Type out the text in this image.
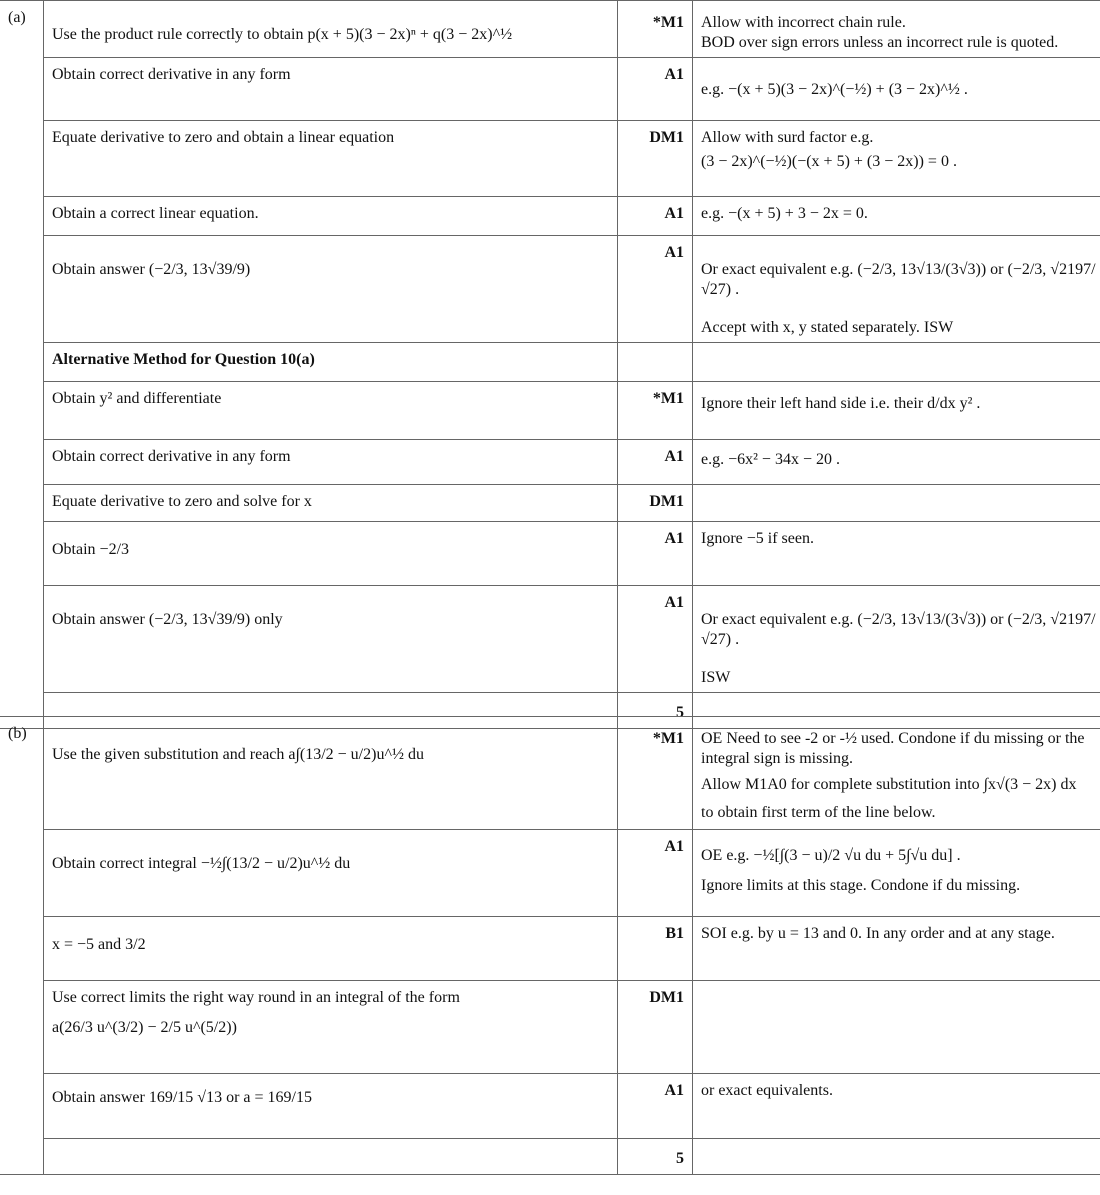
(a)	Use the product rule correctly to obtain p(x + 5)(3 − 2x)ⁿ + q(3 − 2x)^½	*M1	Allow with incorrect chain rule.
BOD over sign errors unless an incorrect rule is quoted.

	Obtain correct derivative in any form	A1	e.g. −(x + 5)(3 − 2x)^(−½) + (3 − 2x)^½ .
	Equate derivative to zero and obtain a linear equation	DM1	Allow with surd factor e.g.
(3 − 2x)^(−½)(−(x + 5) + (3 − 2x)) = 0 .

	Obtain a correct linear equation.	A1	e.g. −(x + 5) + 3 − 2x = 0.
	Obtain answer (−2/3, 13√39/9)	A1	Or exact equivalent e.g. (−2/3, 13√13/(3√3)) or (−2/3, √2197/√27) .
Accept with x, y stated separately. ISW

	Alternative Method for Question 10(a)		
	Obtain y² and differentiate	*M1	Ignore their left hand side i.e. their d/dx y² .
	Obtain correct derivative in any form	A1	e.g. −6x² − 34x − 20 .
	Equate derivative to zero and solve for x	DM1	
	Obtain −2/3	A1	Ignore −5 if seen.
	Obtain answer (−2/3, 13√39/9) only	A1	Or exact equivalent e.g. (−2/3, 13√13/(3√3)) or (−2/3, √2197/√27) .
ISW

		5	
(b)	Use the given substitution and reach a∫(13/2 − u/2)u^½ du	*M1	OE Need to see -2 or -½ used. Condone if du missing or the integral sign is missing.
Allow M1A0 for complete substitution into ∫x√(3 − 2x) dx
to obtain first term of the line below.

	Obtain correct integral −½∫(13/2 − u/2)u^½ du	A1	OE e.g. −½[∫(3 − u)/2 √u du + 5∫√u du] .
Ignore limits at this stage. Condone if du missing.

	x = −5 and 3/2	B1	SOI e.g. by u = 13 and 0. In any order and at any stage.

	Use correct limits the right way round in an integral of the form
a(26/3 u^(3/2) − 2/5 u^(5/2))	DM1	
	Obtain answer 169/15 √13 or a = 169/15	A1	or exact equivalents.
		5	
